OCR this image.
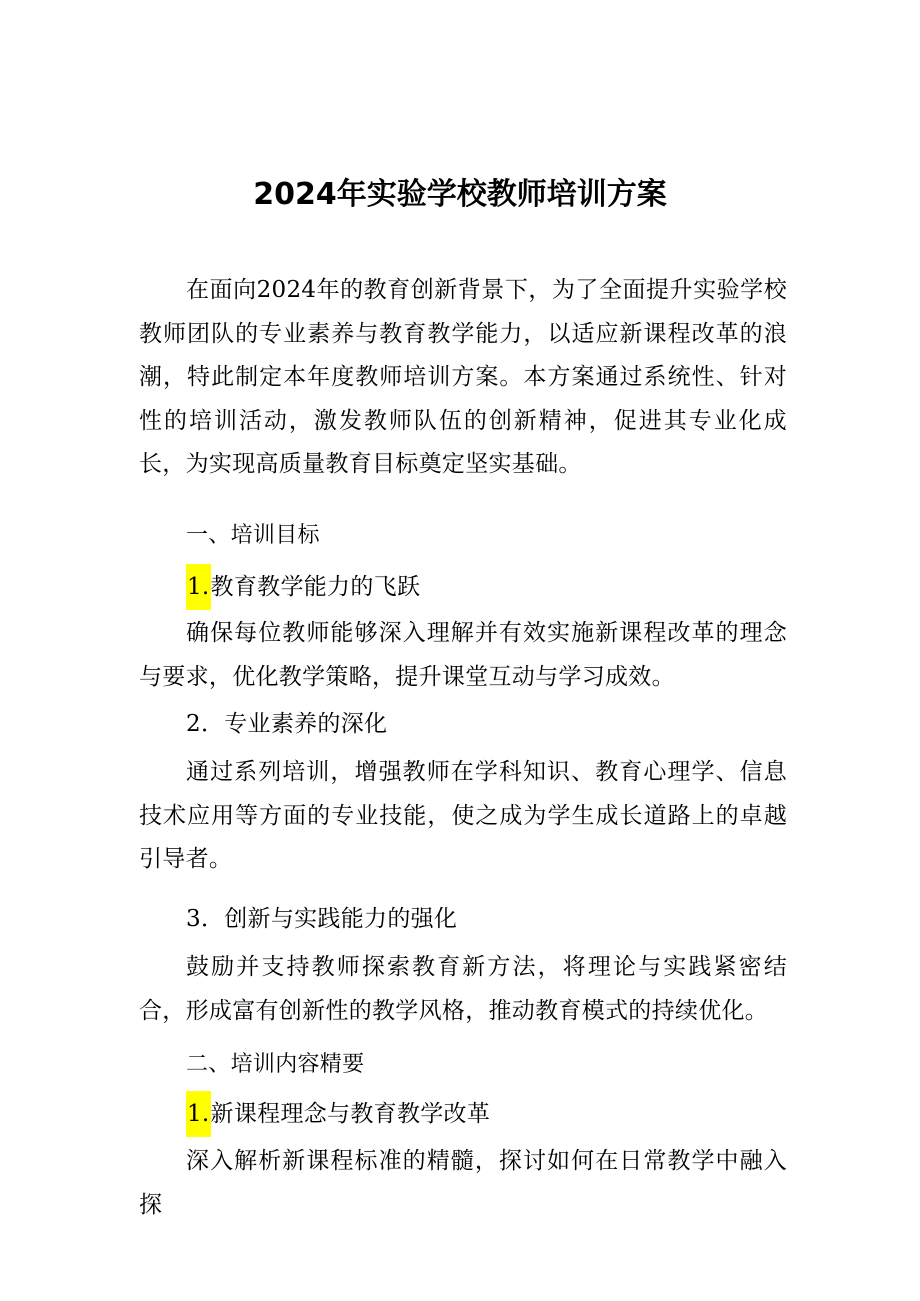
2024年实验学校教师培训方案
在面向2024年的教育创新背景下，为了全面提升实验学校教师团队的专业素养与教育教学能力，以适应新课程改革的浪潮，特此制定本年度教师培训方案。本方案通过系统性、针对性的培训活动，激发教师队伍的创新精神，促进其专业化成长，为实现高质量教育目标奠定坚实基础。
一、培训目标
1.教育教学能力的飞跃
确保每位教师能够深入理解并有效实施新课程改革的理念与要求，优化教学策略，提升课堂互动与学习成效。
2．专业素养的深化
通过系列培训，增强教师在学科知识、教育心理学、信息技术应用等方面的专业技能，使之成为学生成长道路上的卓越引导者。
3．创新与实践能力的强化
鼓励并支持教师探索教育新方法，将理论与实践紧密结合，形成富有创新性的教学风格，推动教育模式的持续优化。
二、培训内容精要
1.新课程理念与教育教学改革
深入解析新课程标准的精髓，探讨如何在日常教学中融入探
